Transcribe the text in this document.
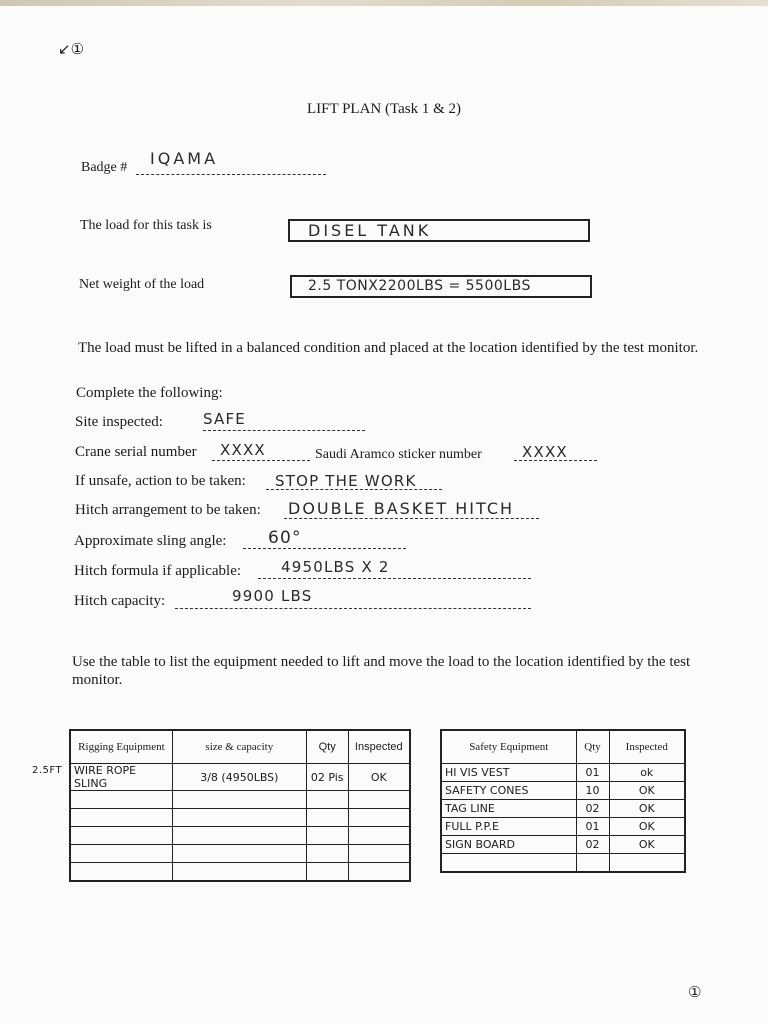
↙①
LIFT PLAN (Task 1 & 2)
Badge # IQAMA
The load for this task is	DISEL TANK
Net weight of the load	2.5 TONX2200LBS = 5500LBS
The load must be lifted in a balanced condition and placed at the location identified by the test monitor.
Complete the following:
Site inspected:	SAFE
Crane serial number XXXX	Saudi Aramco sticker number	XXXX
If unsafe, action to be taken: STOP THE WORK
Hitch arrangement to be taken: DOUBLE BASKET HITCH
Approximate sling angle: 60°
Hitch formula if applicable:	4950LBS X 2
Hitch capacity:	9900 LBS
Use the table to list the equipment needed to lift and move the load to the location identified by the test monitor.
2.5FT
Rigging Equipment	size & capacity	Qty	Inspected
WIRE ROPE SLING	3/8 (4950LBS)	02 Pis	OK

Safety Equipment	Qty	Inspected
HI VIS VEST	01	ok
SAFETY CONES	10	OK
TAG LINE	02	OK
FULL P.P.E	01	OK
SIGN BOARD	02	OK

①
